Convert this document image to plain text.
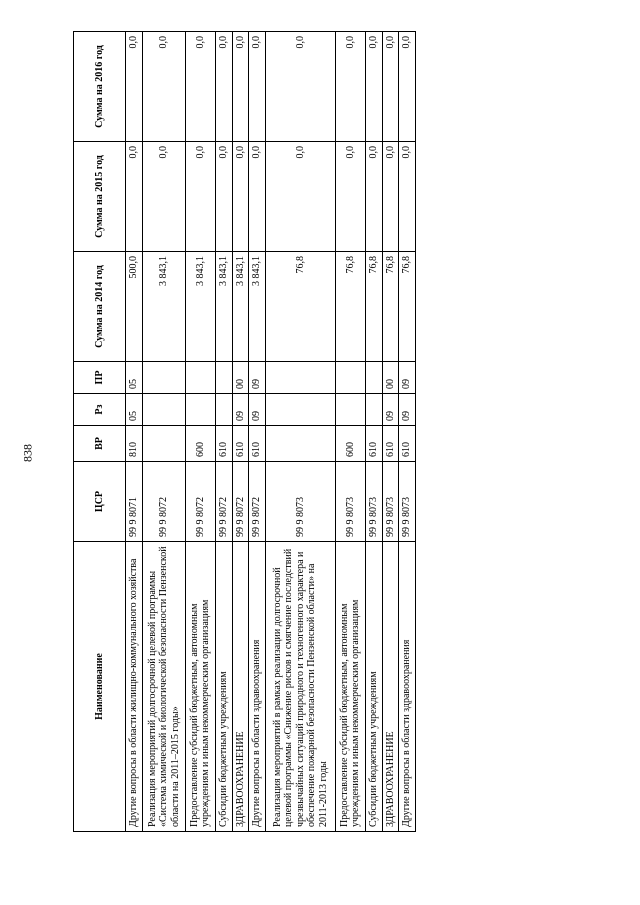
838
Наименование	ЦСР	ВР	Рз	ПР	Сумма на 2014 год	Сумма на 2015 год	Сумма на 2016 год
Другие вопросы в области жилищно-коммунального хозяйства	99 9 8071	810	05	05	500,0	0,0	0,0
Реализация мероприятий долгосрочной целевой программы «Система химической и биологической безопасности Пензенской области на 2011–2015 годы»	99 9 8072				3 843,1	0,0	0,0
Предоставление субсидий бюджетным, автономным учреждениям и иным некоммерческим организациям	99 9 8072	600			3 843,1	0,0	0,0
Субсидии бюджетным учреждениям	99 9 8072	610			3 843,1	0,0	0,0
ЗДРАВООХРАНЕНИЕ	99 9 8072	610	09	00	3 843,1	0,0	0,0
Другие вопросы в области здравоохранения	99 9 8072	610	09	09	3 843,1	0,0	0,0
Реализация мероприятий в рамках реализации долгосрочной целевой программы «Снижение рисков и смягчение последствий чрезвычайных ситуаций природного и техногенного характера и обеспечение пожарной безопасности Пензенской области» на 2011-2013 годы	99 9 8073				76,8	0,0	0,0
Предоставление субсидий бюджетным, автономным учреждениям и иным некоммерческим организациям	99 9 8073	600			76,8	0,0	0,0
Субсидии бюджетным учреждениям	99 9 8073	610			76,8	0,0	0,0
ЗДРАВООХРАНЕНИЕ	99 9 8073	610	09	00	76,8	0,0	0,0
Другие вопросы в области здравоохранения	99 9 8073	610	09	09	76,8	0,0	0,0
